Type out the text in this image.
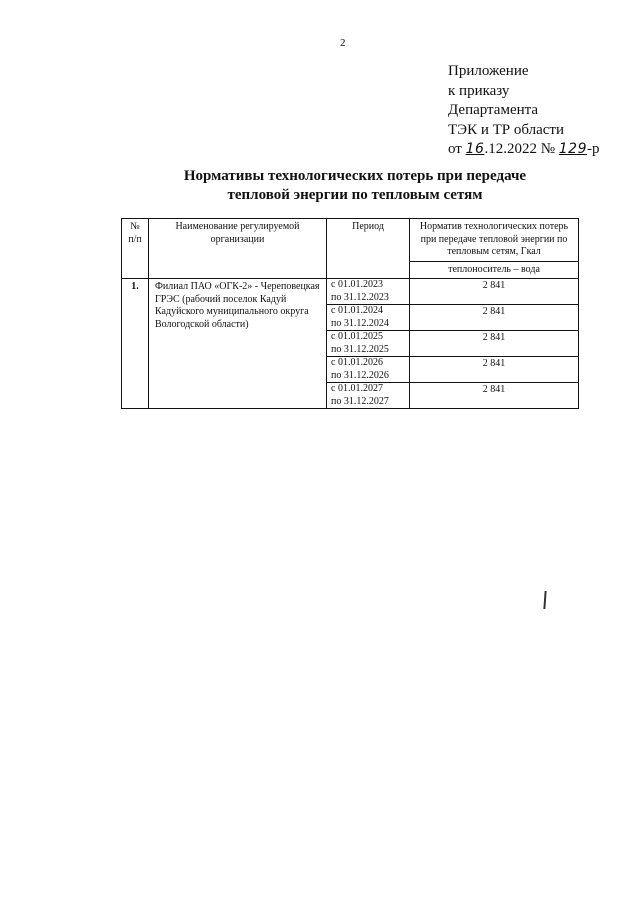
2
Приложение
к приказу
Департамента
ТЭК и ТР области
от 16.12.2022 № 129-р
Нормативы технологических потерь при передаче
тепловой энергии по тепловым сетям
№ п/п	Наименование регулируемой организации	Период	Норматив технологических потерь при передаче тепловой энергии по тепловым сетям, Гкал
			теплоноситель – вода
1.	Филиал ПАО «ОГК-2» - Череповецкая ГРЭС (рабочий поселок Кадуй Кадуйского муниципального округа Вологодской области)	с 01.01.2023
по 31.12.2023	2 841

		с 01.01.2024
по 31.12.2024	2 841

		с 01.01.2025
по 31.12.2025	2 841

		с 01.01.2026
по 31.12.2026	2 841

		с 01.01.2027
по 31.12.2027	2 841
